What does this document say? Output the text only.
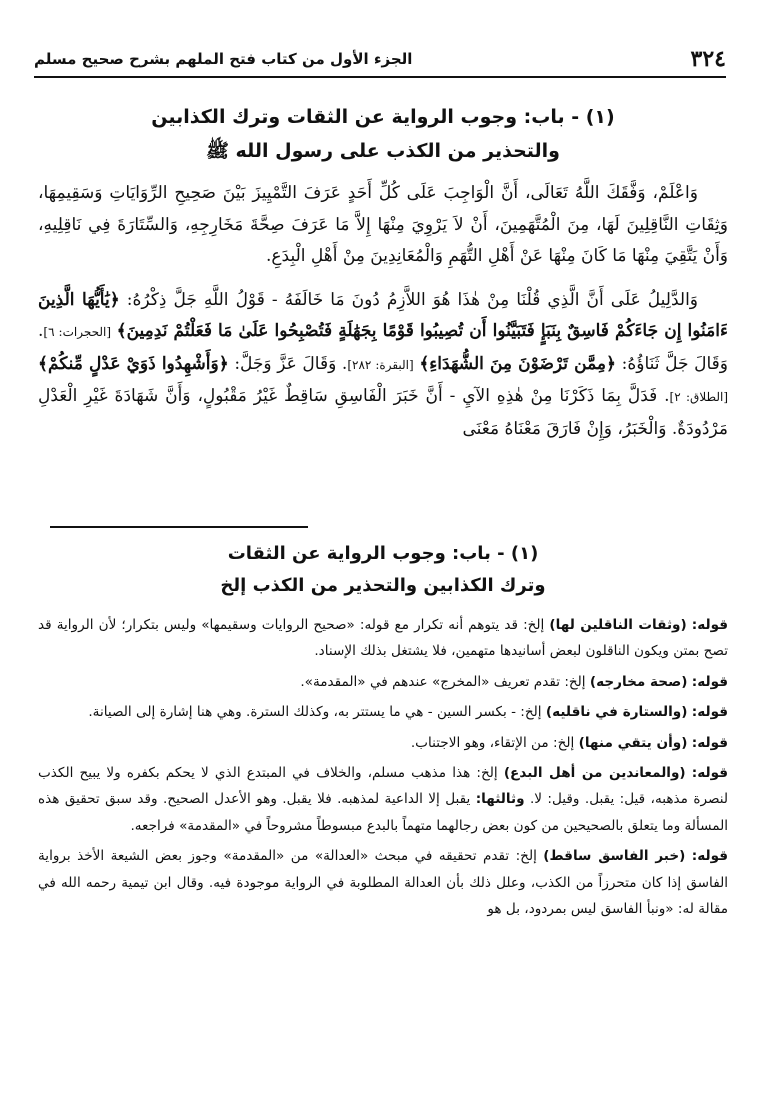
٣٢٤
الجزء الأول من كتاب فتح الملهم بشرح صحيح مسلم
(١) - باب: وجوب الرواية عن الثقات وترك الكذابين
والتحذير من الكذب على رسول الله ﷺ

وَاعْلَمْ، وَفَّقَكَ اللَّهُ تَعَالَى، أَنَّ الْوَاجِبَ عَلَى كُلِّ أَحَدٍ عَرَفَ التَّمْيِيزَ بَيْنَ صَحِيحِ الرِّوَايَاتِ وَسَقِيمِهَا، وَثِقَاتِ النَّاقِلِينَ لَهَا، مِنَ الْمُتَّهَمِينَ، أَنْ لاَ يَرْوِيَ مِنْهَا إِلاَّ مَا عَرَفَ صِحَّةَ مَخَارِجِهِ، وَالسِّتَارَةَ فِي نَاقِلِيهِ، وَأَنْ يَتَّقِيَ مِنْهَا مَا كَانَ مِنْهَا عَنْ أَهْلِ التُّهَمِ وَالْمُعَانِدِينَ مِنْ أَهْلِ الْبِدَعِ.

وَالدَّلِيلُ عَلَى أَنَّ الَّذِي قُلْنَا مِنْ هٰذَا هُوَ اللاَّزِمُ دُونَ مَا خَالَفَهُ - قَوْلُ اللَّهِ جَلَّ ذِكْرُهُ: ﴿يَٰأَيُّهَا الَّذِينَ ءَامَنُوا إِن جَاءَكُمْ فَاسِقٌ بِنَبَإٍ فَتَبَيَّنُوا أَن تُصِيبُوا قَوْمًا بِجَهَٰلَةٍ فَتُصْبِحُوا عَلَىٰ مَا فَعَلْتُمْ نَدِمِينَ﴾ [الحجرات: ٦]. وَقَالَ جَلَّ ثَنَاؤُهُ: ﴿مِمَّن تَرْضَوْنَ مِنَ الشُّهَدَاءِ﴾ [البقرة: ٢٨٢]. وَقَالَ عَزَّ وَجَلَّ: ﴿وَأَشْهِدُوا ذَوَيْ عَدْلٍ مِّنكُمْ﴾ [الطلاق: ٢]. فَدَلَّ بِمَا ذَكَرْنَا مِنْ هٰذِهِ الآيِ - أَنَّ خَبَرَ الْفَاسِقِ سَاقِطٌ غَيْرُ مَقْبُولٍ، وَأَنَّ شَهَادَةَ غَيْرِ الْعَدْلِ مَرْدُودَةٌ. وَالْخَبَرُ، وَإِنْ فَارَقَ مَعْنَاهُ مَعْنَى

(١) - باب: وجوب الرواية عن الثقات
وترك الكذابين والتحذير من الكذب إلخ

قوله: (وثقات الناقلين لها) إلخ: قد يتوهم أنه تكرار مع قوله: «صحيح الروايات وسقيمها» وليس بتكرار؛ لأن الرواية قد تصح بمتن ويكون الناقلون لبعض أسانيدها متهمين، فلا يشتغل بذلك الإسناد.

قوله: (صحة مخارجه) إلخ: تقدم تعريف «المخرج» عندهم في «المقدمة».

قوله: (والستارة في ناقليه) إلخ: - بكسر السين - هي ما يستتر به، وكذلك السترة. وهي هنا إشارة إلى الصيانة.

قوله: (وأن يتقي منها) إلخ: من الإتقاء، وهو الاجتناب.

قوله: (والمعاندين من أهل البدع) إلخ: هذا مذهب مسلم، والخلاف في المبتدع الذي لا يحكم بكفره ولا يبيح الكذب لنصرة مذهبه، قيل: يقبل. وقيل: لا. وثالثها: يقبل إلا الداعية لمذهبه. فلا يقبل. وهو الأعدل الصحيح. وقد سبق تحقيق هذه المسألة وما يتعلق بالصحيحين من كون بعض رجالهما متهماً بالبدع مبسوطاً مشروحاً في «المقدمة» فراجعه.

قوله: (خبر الفاسق ساقط) إلخ: تقدم تحقيقه في مبحث «العدالة» من «المقدمة» وجوز بعض الشيعة الأخذ برواية الفاسق إذا كان متحرزاً من الكذب، وعلل ذلك بأن العدالة المطلوبة في الرواية موجودة فيه. وقال ابن تيمية رحمه الله في مقالة له: «ونبأ الفاسق ليس بمردود، بل هو
